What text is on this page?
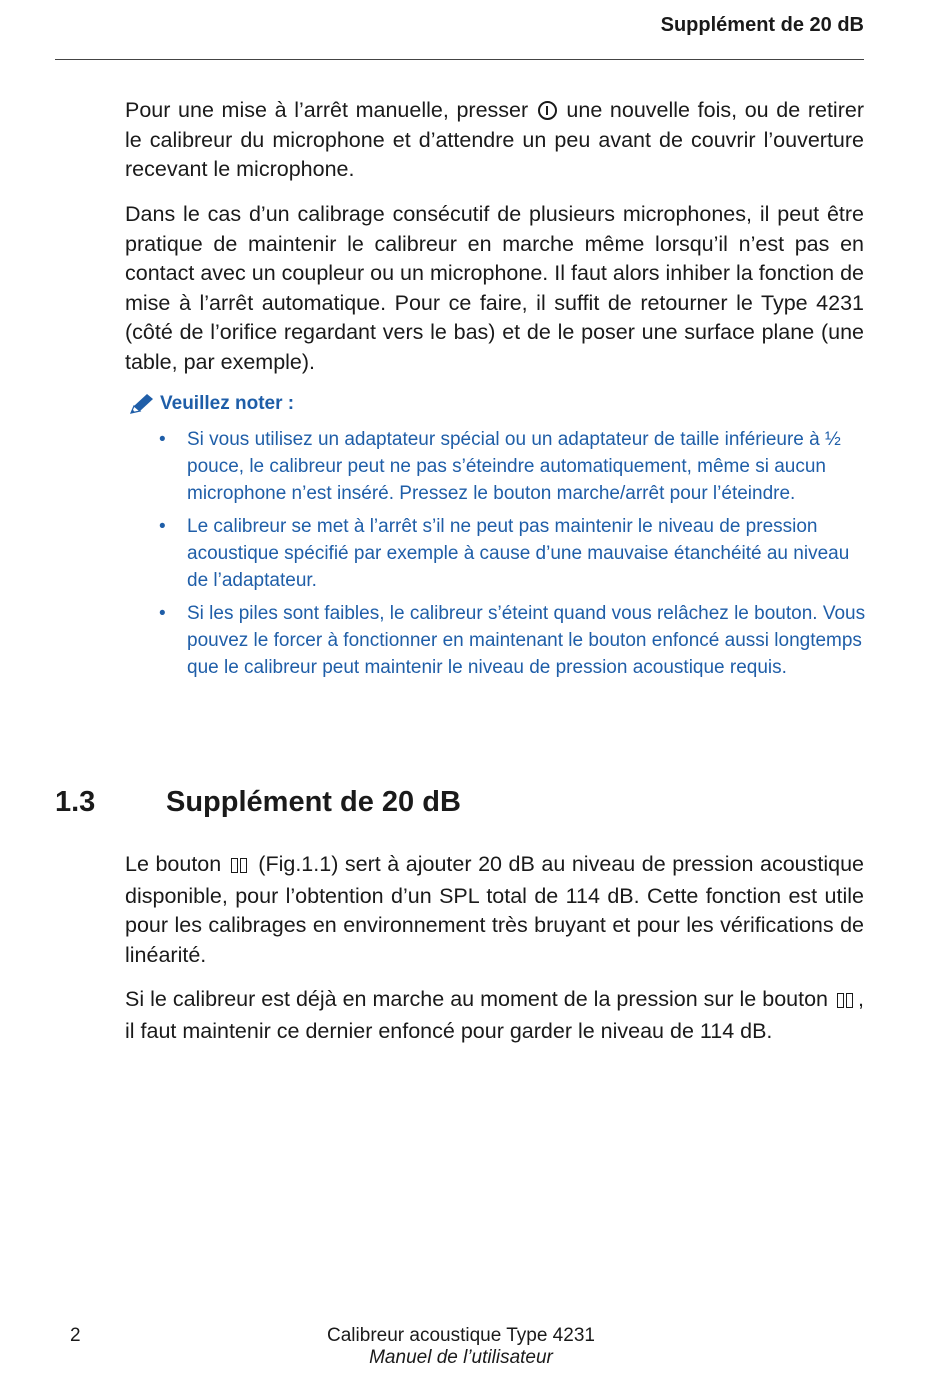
Supplément de 20 dB
Pour une mise à l’arrêt manuelle, presser  une nouvelle fois, ou de retirer le calibreur du microphone et d’attendre un peu avant de couvrir l’ouverture recevant le microphone.
Dans le cas d’un calibrage consécutif de plusieurs microphones, il peut être pratique de maintenir le calibreur en marche même lorsqu’il n’est pas en contact avec un coupleur ou un microphone. Il faut alors inhiber la fonction de mise à l’arrêt automatique. Pour ce faire, il suffit de retourner le Type 4231 (côté de l’orifice regardant vers le bas) et de le poser une surface plane (une table, par exemple).
Veuillez noter :
• Si vous utilisez un adaptateur spécial ou un adaptateur de taille inférieure à ½ pouce, le calibreur peut ne pas s’éteindre automatiquement, même si aucun microphone n’est inséré. Pressez le bouton marche/arrêt pour l’éteindre.
• Le calibreur se met à l’arrêt s’il ne peut pas maintenir le niveau de pression acoustique spécifié par exemple à cause d’une mauvaise étanchéité au niveau de l’adaptateur.
• Si les piles sont faibles, le calibreur s’éteint quand vous relâchez le bouton. Vous pouvez le forcer à fonctionner en maintenant le bouton enfoncé aussi longtemps que le calibreur peut maintenir le niveau de pression acoustique requis.
1.3 Supplément de 20 dB
Le bouton  (Fig.1.1) sert à ajouter 20 dB au niveau de pression acoustique disponible, pour l’obtention d’un SPL total de 114 dB. Cette fonction est utile pour les calibrages en environnement très bruyant et pour les vérifications de linéarité.
Si le calibreur est déjà en marche au moment de la pression sur le bouton , il faut maintenir ce dernier enfoncé pour garder le niveau de 114 dB.
2	Calibreur acoustique Type 4231
Manuel de l’utilisateur
